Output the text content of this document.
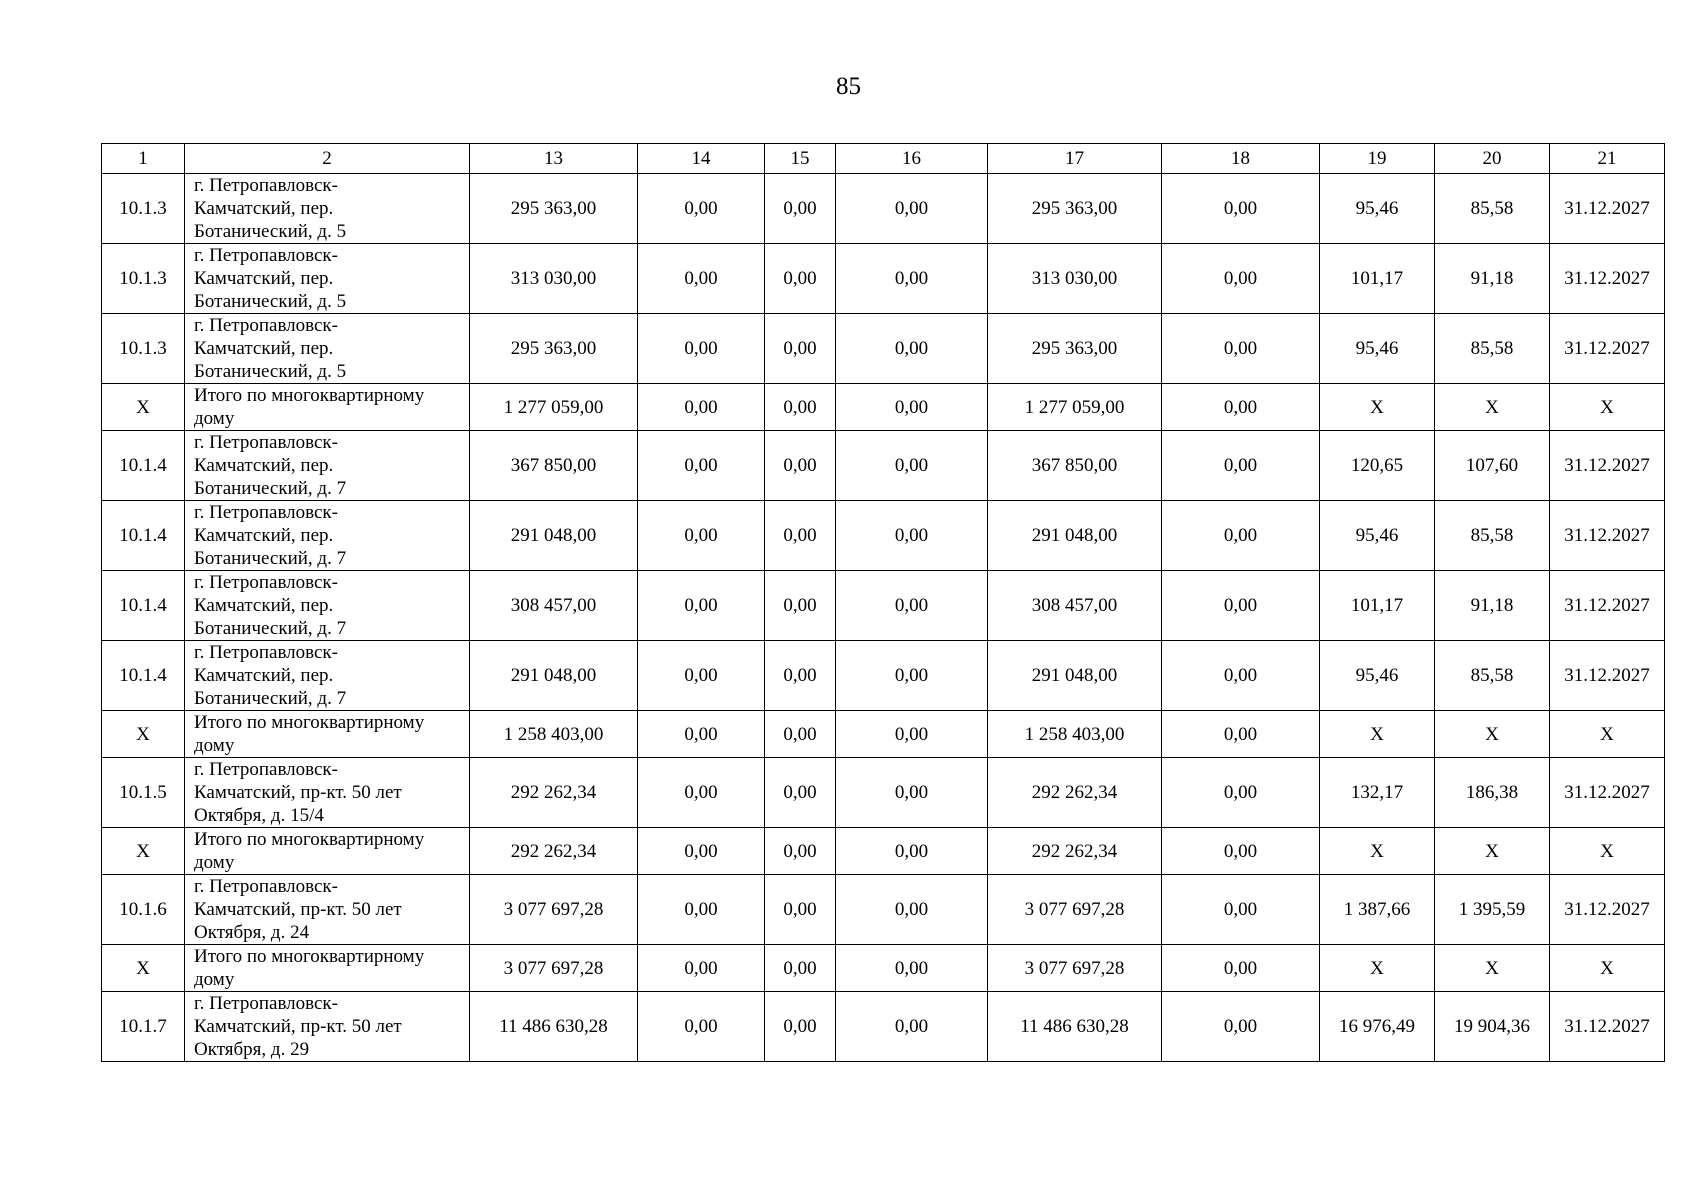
85
1	2	13	14	15	16	17	18	19	20	21
10.1.3	г. Петропавловск-
Камчатский, пер.
Ботанический, д. 5	295 363,00	0,00	0,00	0,00	295 363,00	0,00	95,46	85,58	31.12.2027
10.1.3	г. Петропавловск-
Камчатский, пер.
Ботанический, д. 5	313 030,00	0,00	0,00	0,00	313 030,00	0,00	101,17	91,18	31.12.2027
10.1.3	г. Петропавловск-
Камчатский, пер.
Ботанический, д. 5	295 363,00	0,00	0,00	0,00	295 363,00	0,00	95,46	85,58	31.12.2027
Х	Итого по многоквартирному
дому	1 277 059,00	0,00	0,00	0,00	1 277 059,00	0,00	Х	Х	Х
10.1.4	г. Петропавловск-
Камчатский, пер.
Ботанический, д. 7	367 850,00	0,00	0,00	0,00	367 850,00	0,00	120,65	107,60	31.12.2027
10.1.4	г. Петропавловск-
Камчатский, пер.
Ботанический, д. 7	291 048,00	0,00	0,00	0,00	291 048,00	0,00	95,46	85,58	31.12.2027
10.1.4	г. Петропавловск-
Камчатский, пер.
Ботанический, д. 7	308 457,00	0,00	0,00	0,00	308 457,00	0,00	101,17	91,18	31.12.2027
10.1.4	г. Петропавловск-
Камчатский, пер.
Ботанический, д. 7	291 048,00	0,00	0,00	0,00	291 048,00	0,00	95,46	85,58	31.12.2027
Х	Итого по многоквартирному
дому	1 258 403,00	0,00	0,00	0,00	1 258 403,00	0,00	Х	Х	Х
10.1.5	г. Петропавловск-
Камчатский, пр-кт. 50 лет
Октября, д. 15/4	292 262,34	0,00	0,00	0,00	292 262,34	0,00	132,17	186,38	31.12.2027
Х	Итого по многоквартирному
дому	292 262,34	0,00	0,00	0,00	292 262,34	0,00	Х	Х	Х
10.1.6	г. Петропавловск-
Камчатский, пр-кт. 50 лет
Октября, д. 24	3 077 697,28	0,00	0,00	0,00	3 077 697,28	0,00	1 387,66	1 395,59	31.12.2027
Х	Итого по многоквартирному
дому	3 077 697,28	0,00	0,00	0,00	3 077 697,28	0,00	Х	Х	Х
10.1.7	г. Петропавловск-
Камчатский, пр-кт. 50 лет
Октября, д. 29	11 486 630,28	0,00	0,00	0,00	11 486 630,28	0,00	16 976,49	19 904,36	31.12.2027
